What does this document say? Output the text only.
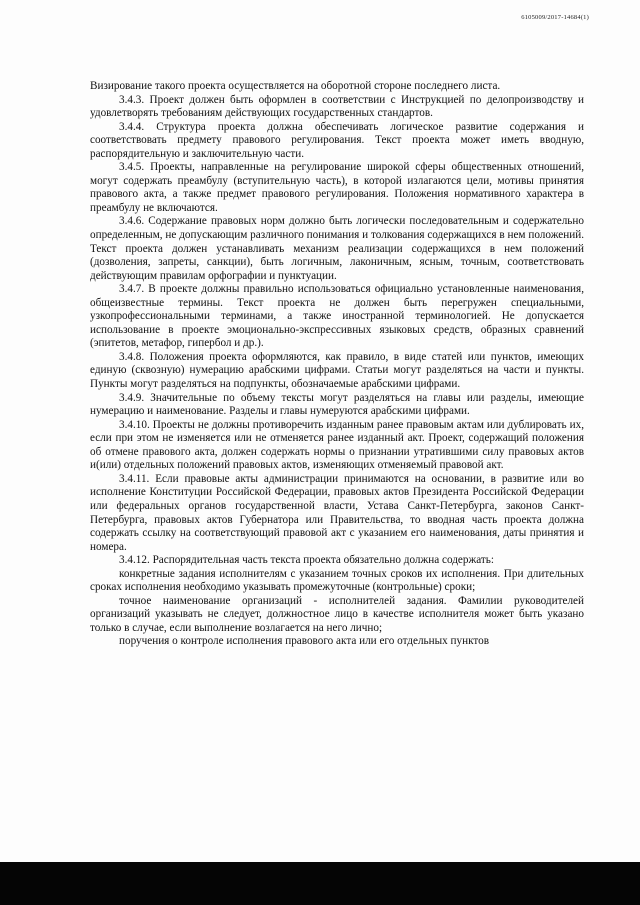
6105009/2017-14684(1)

Визирование такого проекта осуществляется на оборотной стороне последнего листа.

3.4.3. Проект должен быть оформлен в соответствии с Инструкцией по делопроизводству и удовлетворять требованиям действующих государственных стандартов.

3.4.4. Структура проекта должна обеспечивать логическое развитие содержания и соответствовать предмету правового регулирования. Текст проекта может иметь вводную, распорядительную и заключительную части.

3.4.5. Проекты, направленные на регулирование широкой сферы общественных отношений, могут содержать преамбулу (вступительную часть), в которой излагаются цели, мотивы принятия правового акта, а также предмет правового регулирования. Положения нормативного характера в преамбулу не включаются.

3.4.6. Содержание правовых норм должно быть логически последовательным и содержательно определенным, не допускающим различного понимания и толкования содержащихся в нем положений. Текст проекта должен устанавливать механизм реализации содержащихся в нем положений (дозволения, запреты, санкции), быть логичным, лаконичным, ясным, точным, соответствовать действующим правилам орфографии и пунктуации.

3.4.7. В проекте должны правильно использоваться официально установленные наименования, общеизвестные термины. Текст проекта не должен быть перегружен специальными, узкопрофессиональными терминами, а также иностранной терминологией. Не допускается использование в проекте эмоционально-экспрессивных языковых средств, образных сравнений (эпитетов, метафор, гипербол и др.).

3.4.8. Положения проекта оформляются, как правило, в виде статей или пунктов, имеющих единую (сквозную) нумерацию арабскими цифрами. Статьи могут разделяться на части и пункты. Пункты могут разделяться на подпункты, обозначаемые арабскими цифрами.

3.4.9. Значительные по объему тексты могут разделяться на главы или разделы, имеющие нумерацию и наименование. Разделы и главы нумеруются арабскими цифрами.

3.4.10. Проекты не должны противоречить изданным ранее правовым актам или дублировать их, если при этом не изменяется или не отменяется ранее изданный акт. Проект, содержащий положения об отмене правового акта, должен содержать нормы о признании утратившими силу правовых актов и(или) отдельных положений правовых актов, изменяющих отменяемый правовой акт.

3.4.11. Если правовые акты администрации принимаются на основании, в развитие или во исполнение Конституции Российской Федерации, правовых актов Президента Российской Федерации или федеральных органов государственной власти, Устава Санкт-Петербурга, законов Санкт-Петербурга, правовых актов Губернатора или Правительства, то вводная часть проекта должна содержать ссылку на соответствующий правовой акт с указанием его наименования, даты принятия и номера.

3.4.12. Распорядительная часть текста проекта обязательно должна содержать:

конкретные задания исполнителям с указанием точных сроков их исполнения. При длительных сроках исполнения необходимо указывать промежуточные (контрольные) сроки;

точное наименование организаций - исполнителей задания. Фамилии руководителей организаций указывать не следует, должностное лицо в качестве исполнителя может быть указано только в случае, если выполнение возлагается на него лично;

поручения о контроле исполнения правового акта или его отдельных пунктов
